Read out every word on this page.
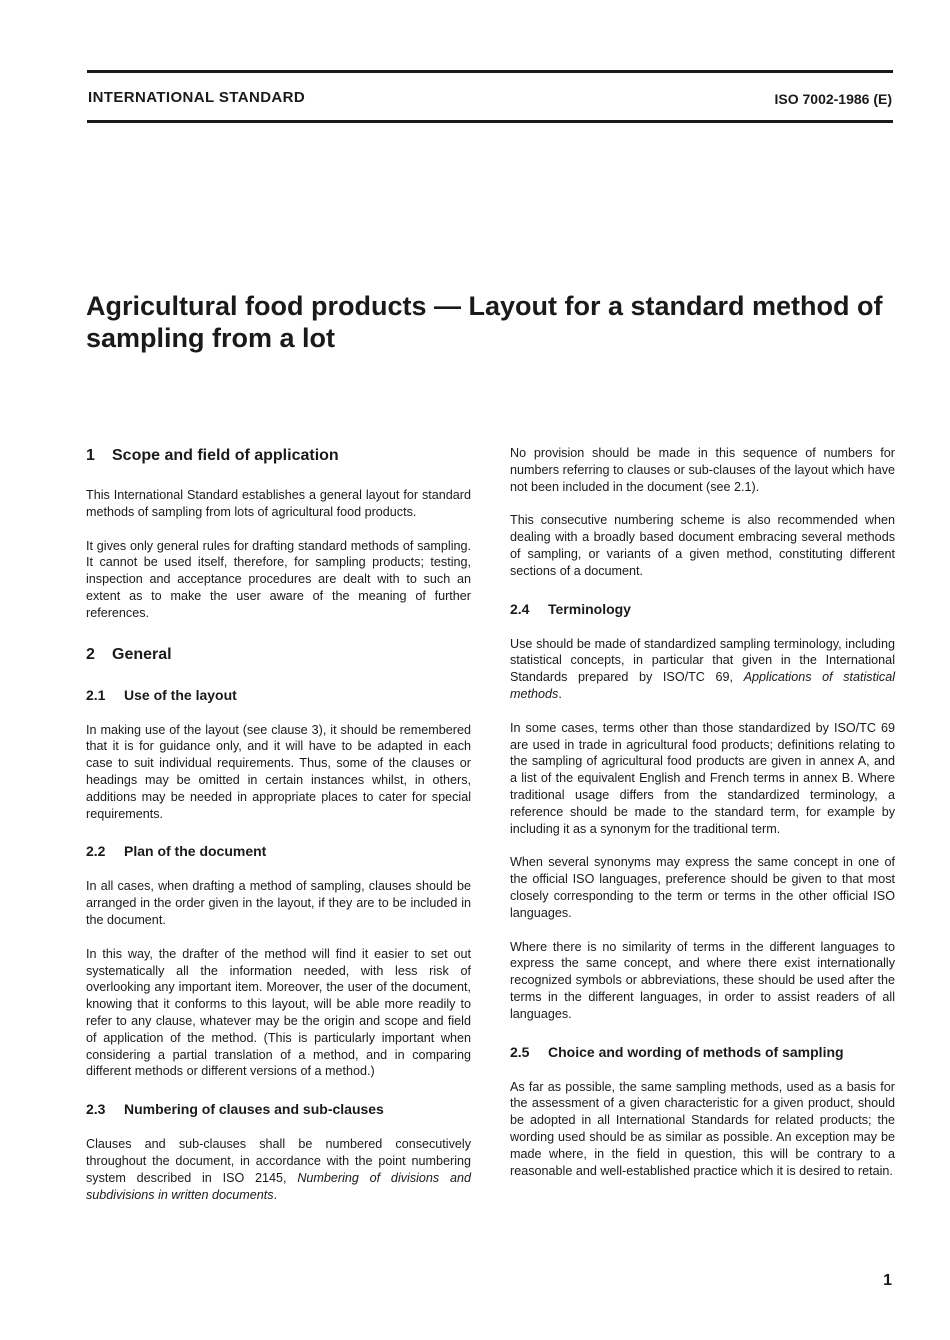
INTERNATIONAL STANDARD	ISO 7002-1986 (E)
Agricultural food products — Layout for a standard method of sampling from a lot
1 Scope and field of application

This International Standard establishes a general layout for standard methods of sampling from lots of agricultural food products.

It gives only general rules for drafting standard methods of sampling. It cannot be used itself, therefore, for sampling products; testing, inspection and acceptance procedures are dealt with to such an extent as to make the user aware of the meaning of further references.

2 General
2.1 Use of the layout

In making use of the layout (see clause 3), it should be remembered that it is for guidance only, and it will have to be adapted in each case to suit individual requirements. Thus, some of the clauses or headings may be omitted in certain instances whilst, in others, additions may be needed in appropriate places to cater for special requirements.

2.2 Plan of the document

In all cases, when drafting a method of sampling, clauses should be arranged in the order given in the layout, if they are to be included in the document.

In this way, the drafter of the method will find it easier to set out systematically all the information needed, with less risk of overlooking any important item. Moreover, the user of the document, knowing that it conforms to this layout, will be able more readily to refer to any clause, whatever may be the origin and scope and field of application of the method. (This is particularly important when considering a partial translation of a method, and in comparing different methods or different versions of a method.)

2.3 Numbering of clauses and sub-clauses

Clauses and sub-clauses shall be numbered consecutively throughout the document, in accordance with the point numbering system described in ISO 2145, Numbering of divisions and subdivisions in written documents.

No provision should be made in this sequence of numbers for numbers referring to clauses or sub-clauses of the layout which have not been included in the document (see 2.1).

This consecutive numbering scheme is also recommended when dealing with a broadly based document embracing several methods of sampling, or variants of a given method, constituting different sections of a document.

2.4 Terminology

Use should be made of standardized sampling terminology, including statistical concepts, in particular that given in the International Standards prepared by ISO/TC 69, Applications of statistical methods.

In some cases, terms other than those standardized by ISO/TC 69 are used in trade in agricultural food products; definitions relating to the sampling of agricultural food products are given in annex A, and a list of the equivalent English and French terms in annex B. Where traditional usage differs from the standardized terminology, a reference should be made to the standard term, for example by including it as a synonym for the traditional term.

When several synonyms may express the same concept in one of the official ISO languages, preference should be given to that most closely corresponding to the term or terms in the other official ISO languages.

Where there is no similarity of terms in the different languages to express the same concept, and where there exist internationally recognized symbols or abbreviations, these should be used after the terms in the different languages, in order to assist readers of all languages.

2.5 Choice and wording of methods of sampling

As far as possible, the same sampling methods, used as a basis for the assessment of a given characteristic for a given product, should be adopted in all International Standards for related products; the wording used should be as similar as possible. An exception may be made where, in the field in question, this will be contrary to a reasonable and well-established practice which it is desired to retain.

1
